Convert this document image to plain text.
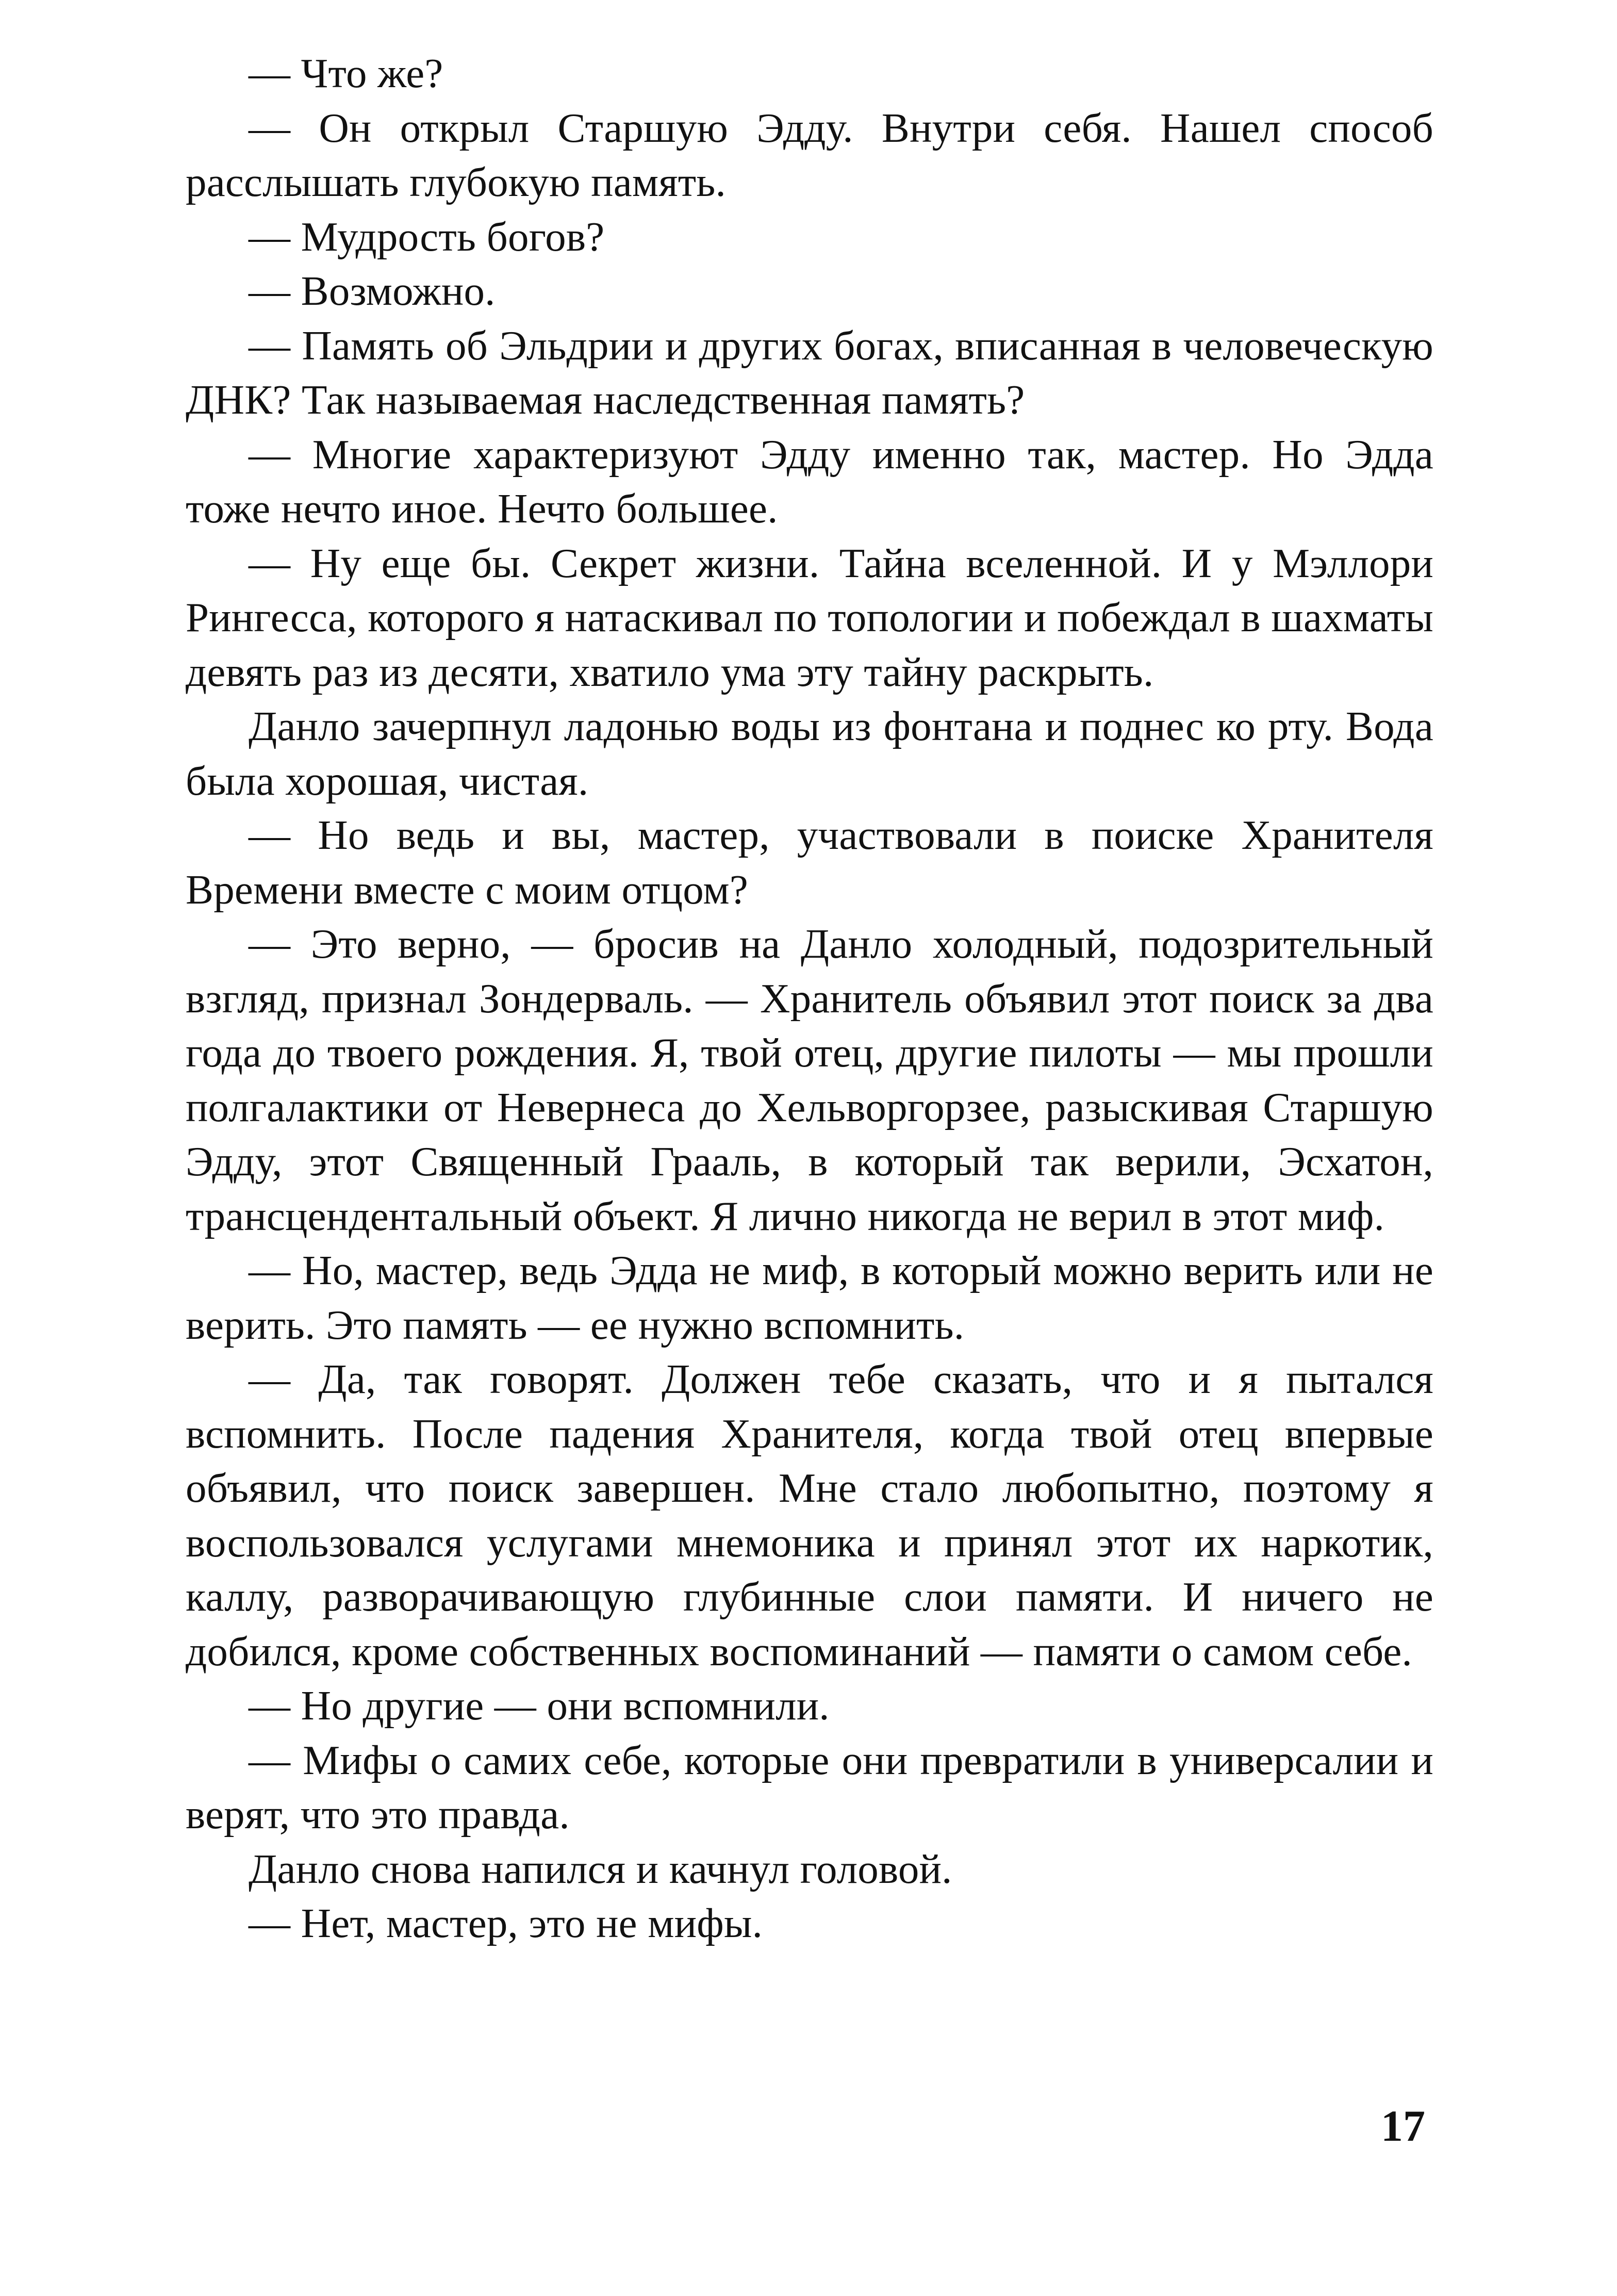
— Что же?

— Он открыл Старшую Эдду. Внутри себя. Нашел способ расслышать глубокую память.

— Мудрость богов?

— Возможно.

— Память об Эльдрии и других богах, вписанная в человеческую ДНК? Так называемая наследственная память?

— Многие характеризуют Эдду именно так, мастер. Но Эдда тоже нечто иное. Нечто большее.

— Ну еще бы. Секрет жизни. Тайна вселенной. И у Мэллори Рингесса, которого я натаскивал по топологии и побеждал в шахматы девять раз из десяти, хватило ума эту тайну раскрыть.

Данло зачерпнул ладонью воды из фонтана и поднес ко рту. Вода была хорошая, чистая.

— Но ведь и вы, мастер, участвовали в поиске Хранителя Времени вместе с моим отцом?

— Это верно, — бросив на Данло холодный, подозрительный взгляд, признал Зондерваль. — Хранитель объявил этот поиск за два года до твоего рождения. Я, твой отец, другие пилоты — мы прошли полгалактики от Невернеса до Хельворгорзее, разыскивая Старшую Эдду, этот Священный Грааль, в который так верили, Эсхатон, трансцендентальный объект. Я лично никогда не верил в этот миф.

— Но, мастер, ведь Эдда не миф, в который можно верить или не верить. Это память — ее нужно вспомнить.

— Да, так говорят. Должен тебе сказать, что и я пытался вспомнить. После падения Хранителя, когда твой отец впервые объявил, что поиск завершен. Мне стало любопытно, поэтому я воспользовался услугами мнемоника и принял этот их наркотик, каллу, разворачивающую глубинные слои памяти. И ничего не добился, кроме собственных воспоминаний — памяти о самом себе.

— Но другие — они вспомнили.

— Мифы о самих себе, которые они превратили в универсалии и верят, что это правда.

Данло снова напился и качнул головой.

— Нет, мастер, это не мифы.

17
